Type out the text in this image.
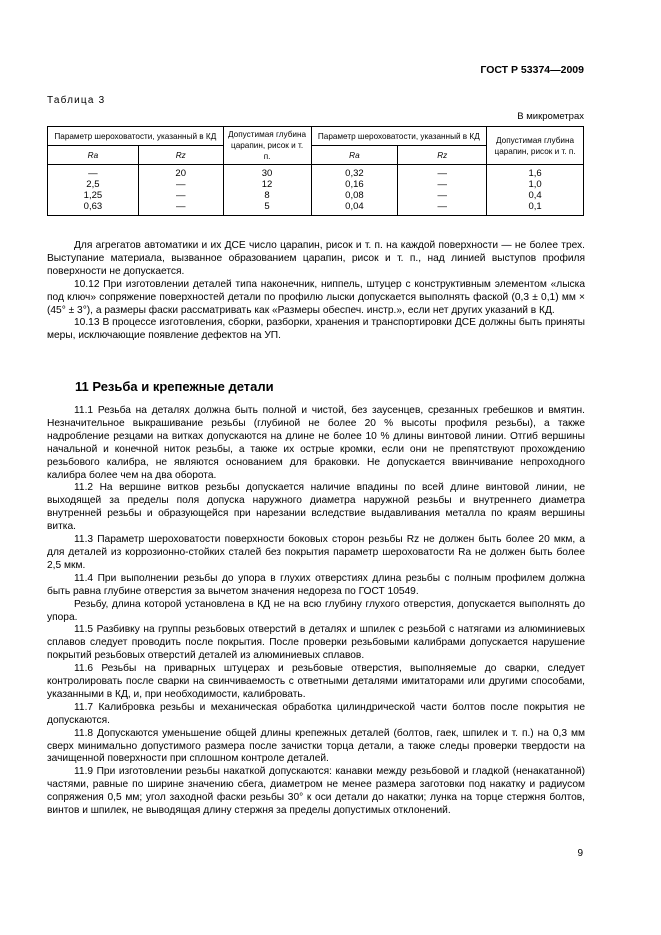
ГОСТ Р 53374—2009
Таблица 3
В микрометрах
Параметр шероховатости, указанный в КД		Допустимая глубина царапин, рисок и т. п.	Параметр шероховатости, указанный в КД		Допустимая глубина царапин, рисок и т. п.
Ra	Rz		Ra	Rz	
—	20	30	0,32	—	1,6
2,5	—	12	0,16	—	1,0
1,25	—	8	0,08	—	0,4
0,63	—	5	0,04	—	0,1

Для агрегатов автоматики и их ДСЕ число царапин, рисок и т. п. на каждой поверхности — не более трех. Выступание материала, вызванное образованием царапин, рисок и т. п., над линией выступов профиля поверхности не допускается.

10.12 При изготовлении деталей типа наконечник, ниппель, штуцер с конструктивным элементом «лыска под ключ» сопряжение поверхностей детали по профилю лыски допускается выполнять фаской (0,3 ± 0,1) мм × (45° ± 3°), а размеры фаски рассматривать как «Размеры обеспеч. инстр.», если нет других указаний в КД.

10.13 В процессе изготовления, сборки, разборки, хранения и транспортировки ДСЕ должны быть приняты меры, исключающие появление дефектов на УП.

11 Резьба и крепежные детали

11.1 Резьба на деталях должна быть полной и чистой, без заусенцев, срезанных гребешков и вмятин. Незначительное выкрашивание резьбы (глубиной не более 20 % высоты профиля резьбы), а также надробление резцами на витках допускаются на длине не более 10 % длины винтовой линии. Отгиб вершины начальной и конечной ниток резьбы, а также их острые кромки, если они не препятствуют прохождению резьбового калибра, не являются основанием для браковки. Не допускается ввинчивание непроходного калибра более чем на два оборота.

11.2 На вершине витков резьбы допускается наличие впадины по всей длине винтовой линии, не выходящей за пределы поля допуска наружного диаметра наружной резьбы и внутреннего диаметра внутренней резьбы и образующейся при нарезании вследствие выдавливания металла по краям вершины витка.

11.3 Параметр шероховатости поверхности боковых сторон резьбы Rz не должен быть более 20 мкм, а для деталей из коррозионно-стойких сталей без покрытия параметр шероховатости Ra не должен быть более 2,5 мкм.

11.4 При выполнении резьбы до упора в глухих отверстиях длина резьбы с полным профилем должна быть равна глубине отверстия за вычетом значения недореза по ГОСТ 10549.

Резьбу, длина которой установлена в КД не на всю глубину глухого отверстия, допускается выполнять до упора.

11.5 Разбивку на группы резьбовых отверстий в деталях и шпилек с резьбой с натягами из алюминиевых сплавов следует проводить после покрытия. После проверки резьбовыми калибрами допускается нарушение покрытий резьбовых отверстий деталей из алюминиевых сплавов.

11.6 Резьбы на приварных штуцерах и резьбовые отверстия, выполняемые до сварки, следует контролировать после сварки на свинчиваемость с ответными деталями имитаторами или другими способами, указанными в КД, и, при необходимости, калибровать.

11.7 Калибровка резьбы и механическая обработка цилиндрической части болтов после покрытия не допускаются.

11.8 Допускаются уменьшение общей длины крепежных деталей (болтов, гаек, шпилек и т. п.) на 0,3 мм сверх минимально допустимого размера после зачистки торца детали, а также следы проверки твердости на зачищенной поверхности при сплошном контроле деталей.

11.9 При изготовлении резьбы накаткой допускаются: канавки между резьбовой и гладкой (ненакатанной) частями, равные по ширине значению сбега, диаметром не менее размера заготовки под накатку и радиусом сопряжения 0,5 мм; угол заходной фаски резьбы 30° к оси детали до накатки; лунка на торце стержня болтов, винтов и шпилек, не выводящая длину стержня за пределы допустимых отклонений.

9
